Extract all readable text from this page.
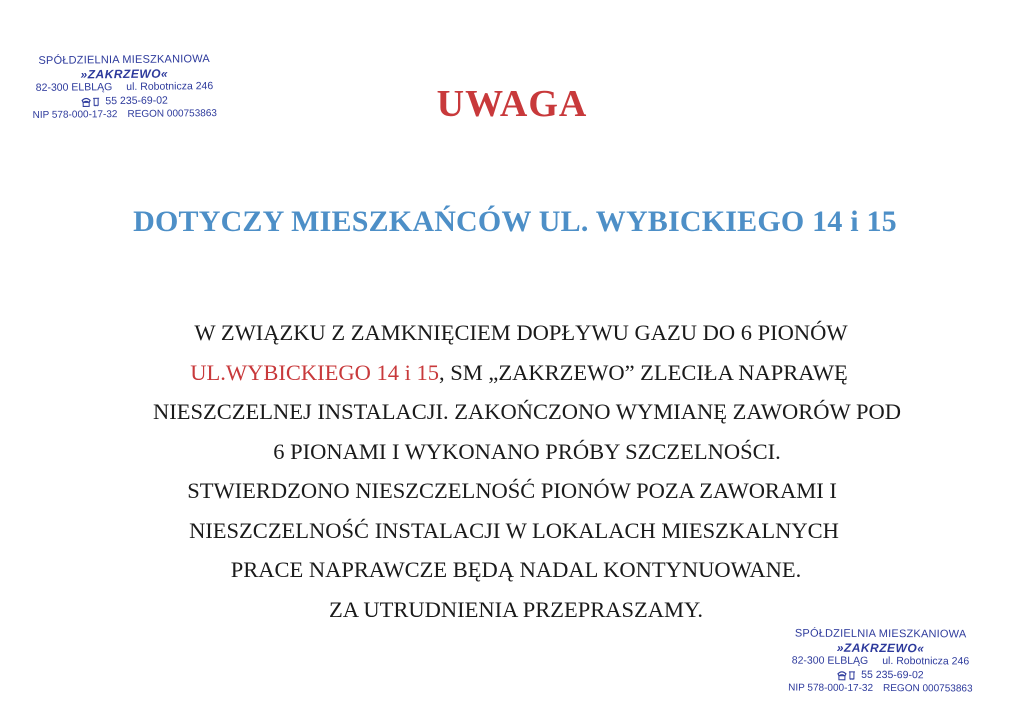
SPÓŁDZIELNIA MIESZKANIOWA
»ZAKRZEWO«
82-300 ELBLĄG ul. Robotnicza 246
55 235-69-02
NIP 578-000-17-32 REGON 000753863	UWAGA
DOTYCZY MIESZKAŃCÓW UL. WYBICKIEGO 14 i 15
W ZWIĄZKU Z ZAMKNIĘCIEM DOPŁYWU GAZU DO 6 PIONÓW
UL.WYBICKIEGO 14 i 15, SM „ZAKRZEWO” ZLECIŁA NAPRAWĘ
NIESZCZELNEJ INSTALACJI. ZAKOŃCZONO WYMIANĘ ZAWORÓW POD
6 PIONAMI I WYKONANO PRÓBY SZCZELNOŚCI.
STWIERDZONO NIESZCZELNOŚĆ PIONÓW POZA ZAWORAMI I
NIESZCZELNOŚĆ INSTALACJI W LOKALACH MIESZKALNYCH
PRACE NAPRAWCZE BĘDĄ NADAL KONTYNUOWANE.
ZA UTRUDNIENIA PRZEPRASZAMY.
SPÓŁDZIELNIA MIESZKANIOWA
»ZAKRZEWO«
82-300 ELBLĄG ul. Robotnicza 246
55 235-69-02
NIP 578-000-17-32 REGON 000753863
